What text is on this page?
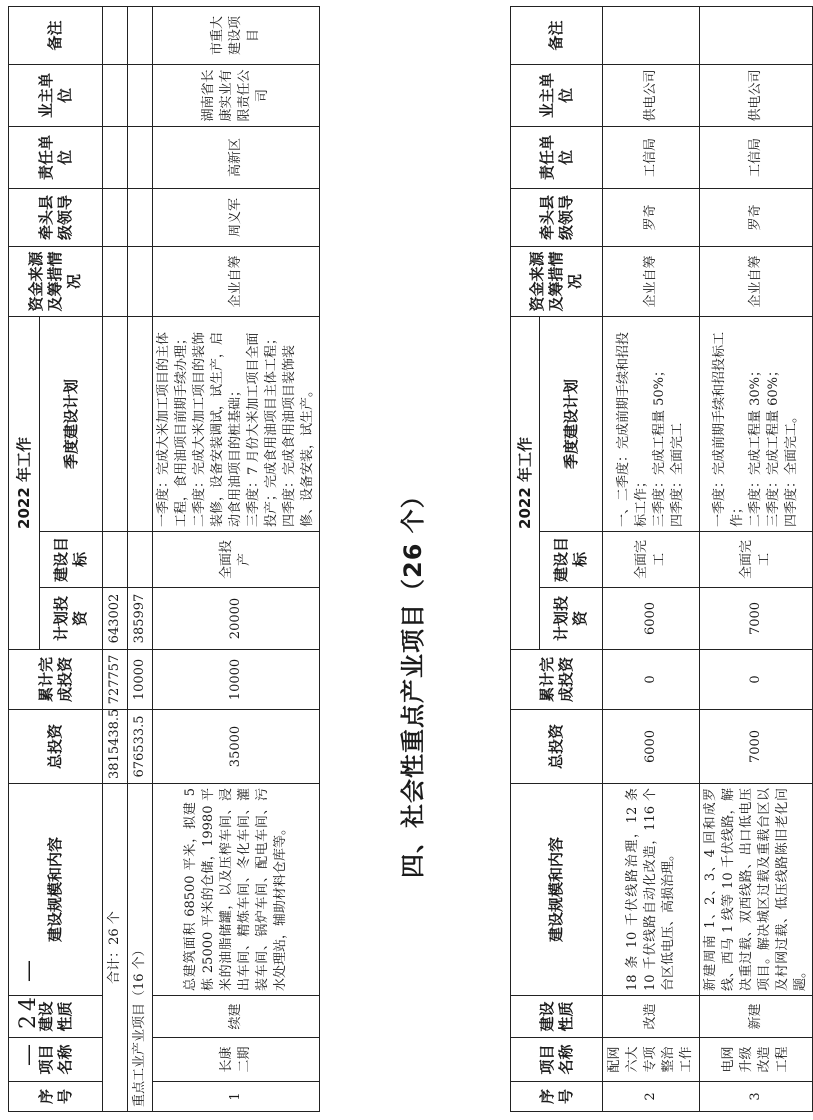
序号	项目名称	建设性质	建设规模和内容	总投资	累计完成投资	2022 年工作			资金来源及筹措情况	牵头县级领导	责任单位	业主单位	备注
						计划投资	建设目标	季度建设计划					
2	配网六大专项整治工作	改造	18 条 10 千伏线路治理，12 条 10 千伏线路自动化改造，116 个台区低电压、高损治理。	6000	0	6000	全面完工	一、二季度：完成前期手续和招投标工作；
三季度：完成工程量 50%；
四季度：全面完工	企业自筹	罗奇	工信局	供电公司	
3	电网升级改造工程	新建	新建周南 1、2、3、4 回和成罗线、西马 1 线等 10 千伏线路，解决重过载、双西线路、出口低电压项目。解决城区过载及重载台区以及村网过载、低压线路陈旧老化问题。	7000	0	7000	全面完工	一季度：完成前期手续和招投标工作；
二季度：完成工程量 30%；
三季度：完成工程量 60%；
四季度：全面完工。	企业自筹	罗奇	工信局	供电公司	
四、社会性重点产业项目（26 个）
序号	项目名称	建设性质	建设规模和内容	总投资	累计完成投资	2022 年工作			资金来源及筹措情况	牵头县级领导	责任单位	业主单位	备注
						计划投资	建设目标	季度建设计划					
合计：26 个				3815438.5	727757	643002							
重点工业产业项目（16 个）				676533.5	10000	385997							
1	长康二期	续建	总建筑面积 68500 平米，拟建 5 栋 25000 平米的仓储，19980 平米的油脂储罐，以及压榨车间、浸出车间、精炼车间、冬化车间、灌装车间、锅炉车间、配电车间、污水处理站，辅助材料仓库等。	35000	10000	20000	全面投产	一季度：完成大米加工项目的主体工程，食用油项目前期手续办理；
二季度：完成大米加工项目的装饰装修，设备安装调试，试生产，启动食用油项目的桩基础；
三季度：7 月份大米加工项目全面投产；完成食用油项目主体工程；
四季度：完成食用油项目装饰装修、设备安装，试生产。	企业自筹	周义军	高新区	湖南省长康实业有限责任公司	市重大建设项目
— 24 —
